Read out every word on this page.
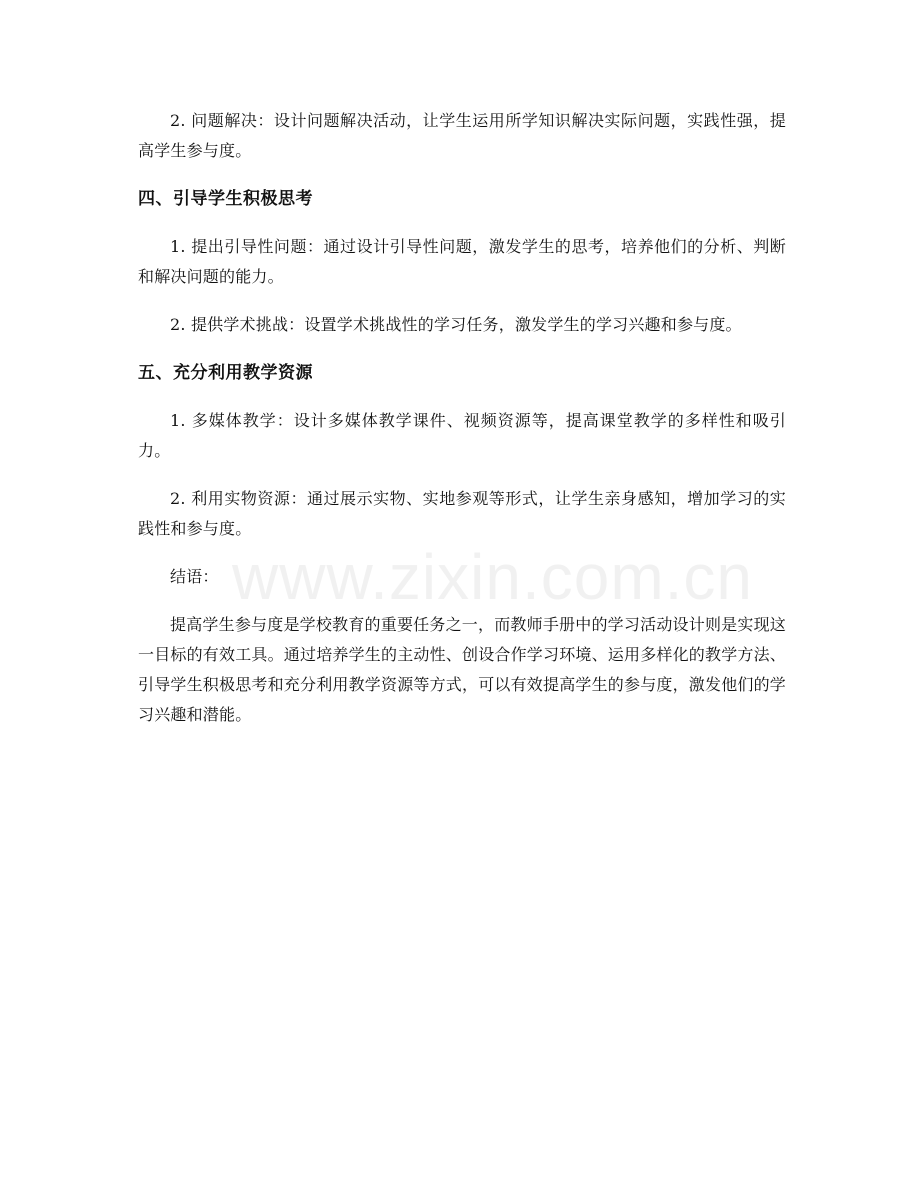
2. 问题解决：设计问题解决活动，让学生运用所学知识解决实际问题，实践性强，提高学生参与度。

四、引导学生积极思考

1. 提出引导性问题：通过设计引导性问题，激发学生的思考，培养他们的分析、判断和解决问题的能力。

2. 提供学术挑战：设置学术挑战性的学习任务，激发学生的学习兴趣和参与度。

五、充分利用教学资源

1. 多媒体教学：设计多媒体教学课件、视频资源等，提高课堂教学的多样性和吸引力。

2. 利用实物资源：通过展示实物、实地参观等形式，让学生亲身感知，增加学习的实践性和参与度。

结语：

提高学生参与度是学校教育的重要任务之一，而教师手册中的学习活动设计则是实现这一目标的有效工具。通过培养学生的主动性、创设合作学习环境、运用多样化的教学方法、引导学生积极思考和充分利用教学资源等方式，可以有效提高学生的参与度，激发他们的学习兴趣和潜能。

www.zixin.com.cn
